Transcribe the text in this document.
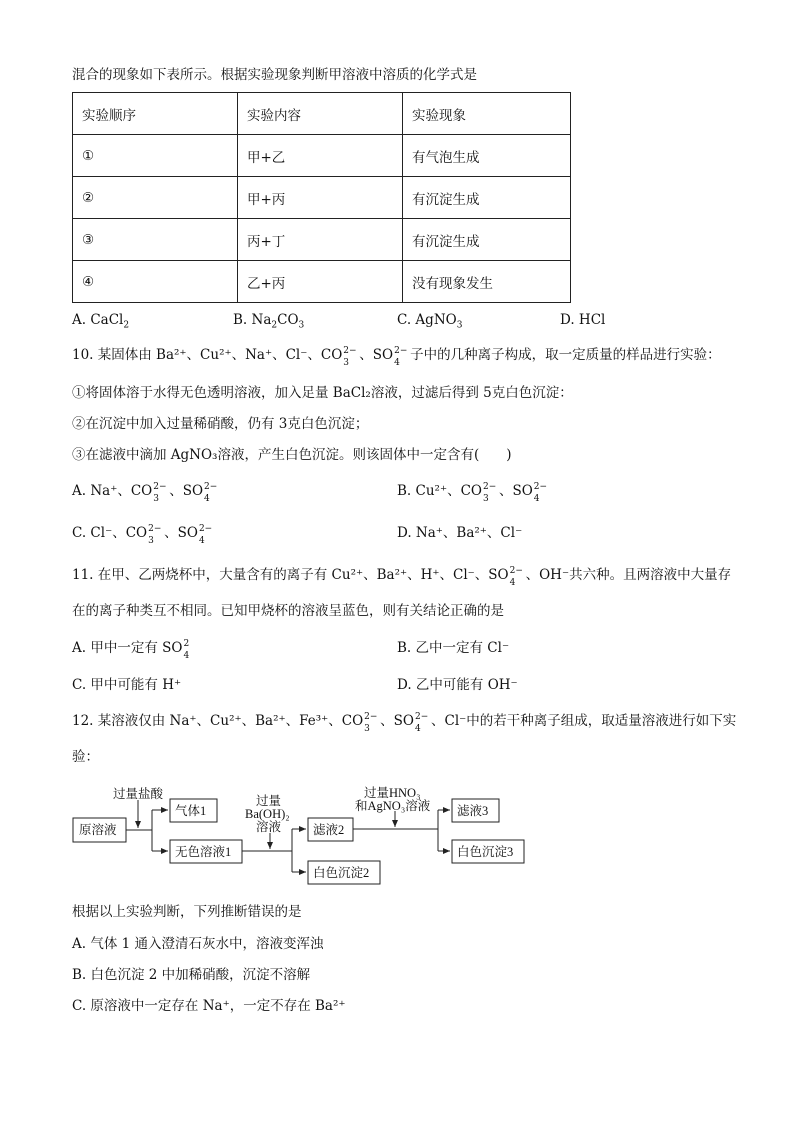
混合的现象如下表所示。根据实验现象判断甲溶液中溶质的化学式是
实验顺序	实验内容	实验现象
①	甲+乙	有气泡生成
②	甲+丙	有沉淀生成
③	丙+丁	有沉淀生成
④	乙+丙	没有现象发生
A. CaCl$_2$	B. $Na_2CO_3$	C. AgNO$_3$	D. HCl
10. 某固体由 Ba²⁺、Cu²⁺、Na⁺、Cl⁻、CO 2−
3 、SO 2−
4 子中的几种离子构成，取一定质量的样品进行实验：
①将固体溶于水得无色透明溶液，加入足量 BaCl₂溶液，过滤后得到 5克白色沉淀：
②在沉淀中加入过量稀硝酸，仍有 3克白色沉淀；
③在滤液中滴加 AgNO₃溶液，产生白色沉淀。则该固体中一定含有(　　)
A. Na⁺、CO 2−
3 、SO 2−
4	B. Cu²⁺、CO 2−
3 、SO 2−
4
C. Cl⁻、CO 2−
3 、SO 2−
4	D. Na⁺、Ba²⁺、Cl⁻
11. 在甲、乙两烧杯中，大量含有的离子有 Cu²⁺、Ba²⁺、H⁺、Cl⁻、SO 2−
4 、OH⁻共六种。且两溶液中大量存
在的离子种类互不相同。已知甲烧杯的溶液呈蓝色，则有关结论正确的是
A. 甲中一定有 SO 2
4	B. 乙中一定有 Cl⁻
C. 甲中可能有 H⁺	D. 乙中可能有 OH⁻
12. 某溶液仅由 Na⁺、Cu²⁺、Ba²⁺、Fe³⁺、CO 2−
3 、SO 2−
4 、Cl⁻中的若干种离子组成，取适量溶液进行如下实
验：
过量盐酸
原溶液
气体1
无色溶液1
过量
Ba(OH)₂
溶液	滤液2
白色沉淀2
过量HNO₃
和AgNO₃溶液 滤液3
白色沉淀3
根据以上实验判断，下列推断错误的是
A. 气体 1 通入澄清石灰水中，溶液变浑浊
B. 白色沉淀 2 中加稀硝酸，沉淀不溶解
C. 原溶液中一定存在 Na⁺，一定不存在 Ba²⁺
